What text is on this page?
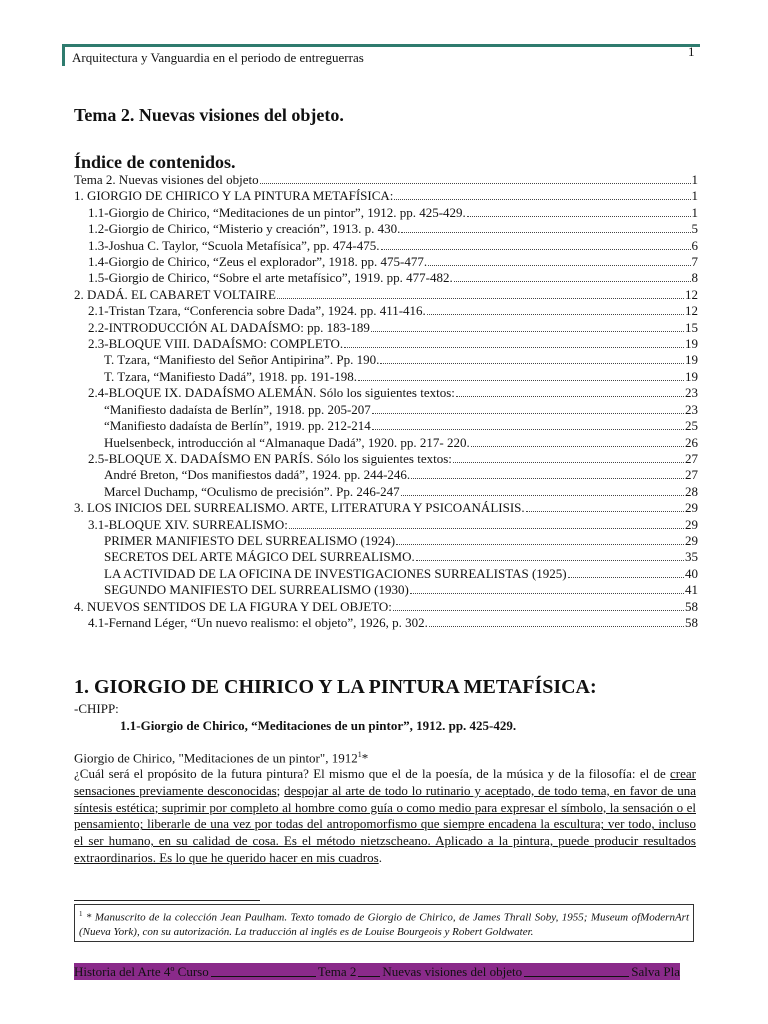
Arquitectura y Vanguardia en el periodo de entreguerras	1
Tema 2. Nuevas visiones del objeto.
Índice de contenidos.
Tema 2. Nuevas visiones del objeto	1
1. GIORGIO DE CHIRICO Y LA PINTURA METAFÍSICA:	1
1.1-Giorgio de Chirico, “Meditaciones de un pintor”, 1912. pp. 425-429.	1
1.2-Giorgio de Chirico, “Misterio y creación”, 1913. p. 430.	5
1.3-Joshua C. Taylor, “Scuola Metafísica”, pp. 474-475.	6
1.4-Giorgio de Chirico, “Zeus el explorador”, 1918. pp. 475-477.	7
1.5-Giorgio de Chirico, “Sobre el arte metafísico”, 1919. pp. 477-482.	8
2. DADÁ. EL CABARET VOLTAIRE	12
2.1-Tristan Tzara, “Conferencia sobre Dada”, 1924. pp. 411-416.	12
2.2-INTRODUCCIÓN AL DADAÍSMO: pp. 183-189	15
2.3-BLOQUE VIII. DADAÍSMO: COMPLETO.	19
T. Tzara, “Manifiesto del Señor Antipirina”. Pp. 190.	19
T. Tzara, “Manifiesto Dadá”, 1918. pp. 191-198.	19
2.4-BLOQUE IX. DADAÍSMO ALEMÁN. Sólo los siguientes textos:	23
“Manifiesto dadaísta de Berlín”, 1918. pp. 205-207	23
“Manifiesto dadaísta de Berlín”, 1919. pp. 212-214	25
Huelsenbeck, introducción al “Almanaque Dadá”, 1920. pp. 217- 220.	26
2.5-BLOQUE X. DADAÍSMO EN PARÍS. Sólo los siguientes textos:	27
André Breton, “Dos manifiestos dadá”, 1924. pp. 244-246.	27
Marcel Duchamp, “Oculismo de precisión”. Pp. 246-247	28
3. LOS INICIOS DEL SURREALISMO. ARTE, LITERATURA Y PSICOANÁLISIS.	29
3.1-BLOQUE XIV. SURREALISMO:	29
PRIMER MANIFIESTO DEL SURREALISMO (1924)	29
SECRETOS DEL ARTE MÁGICO DEL SURREALISMO.	35
LA ACTIVIDAD DE LA OFICINA DE INVESTIGACIONES SURREALISTAS (1925)	40
SEGUNDO MANIFIESTO DEL SURREALISMO (1930)	41
4. NUEVOS SENTIDOS DE LA FIGURA Y DEL OBJETO:	58
4.1-Fernand Léger, “Un nuevo realismo: el objeto”, 1926, p. 302.	58
1. GIORGIO DE CHIRICO Y LA PINTURA METAFÍSICA:
-CHIPP:
1.1-Giorgio de Chirico, “Meditaciones de un pintor”, 1912. pp. 425-429.
Giorgio de Chirico, "Meditaciones de un pintor", 1912$^1$*
¿Cuál será el propósito de la futura pintura? El mismo que el de la poesía, de la música y de la filosofía: el de crear sensaciones previamente desconocidas; despojar al arte de todo lo rutinario y aceptado, de todo tema, en favor de una síntesis estética; suprimir por completo al hombre como guía o como medio para expresar el símbolo, la sensación o el pensamiento; liberarle de una vez por todas del antropomorfismo que siempre encadena la escultura; ver todo, incluso el ser humano, en su calidad de cosa. Es el método nietzscheano. Aplicado a la pintura, puede producir resultados extraordinarios. Es lo que he querido hacer en mis cuadros.
$^1$ * Manuscrito de la colección Jean Paulham. Texto tomado de Giorgio de Chirico, de James Thrall Soby, 1955; Museum ofModernArt (Nueva York), con su autorización. La traducción al inglés es de Louise Bourgeois y Robert Goldwater.
Historia del Arte 4º Curso	Tema 2 Nuevas visiones del objeto	Salva Pla
